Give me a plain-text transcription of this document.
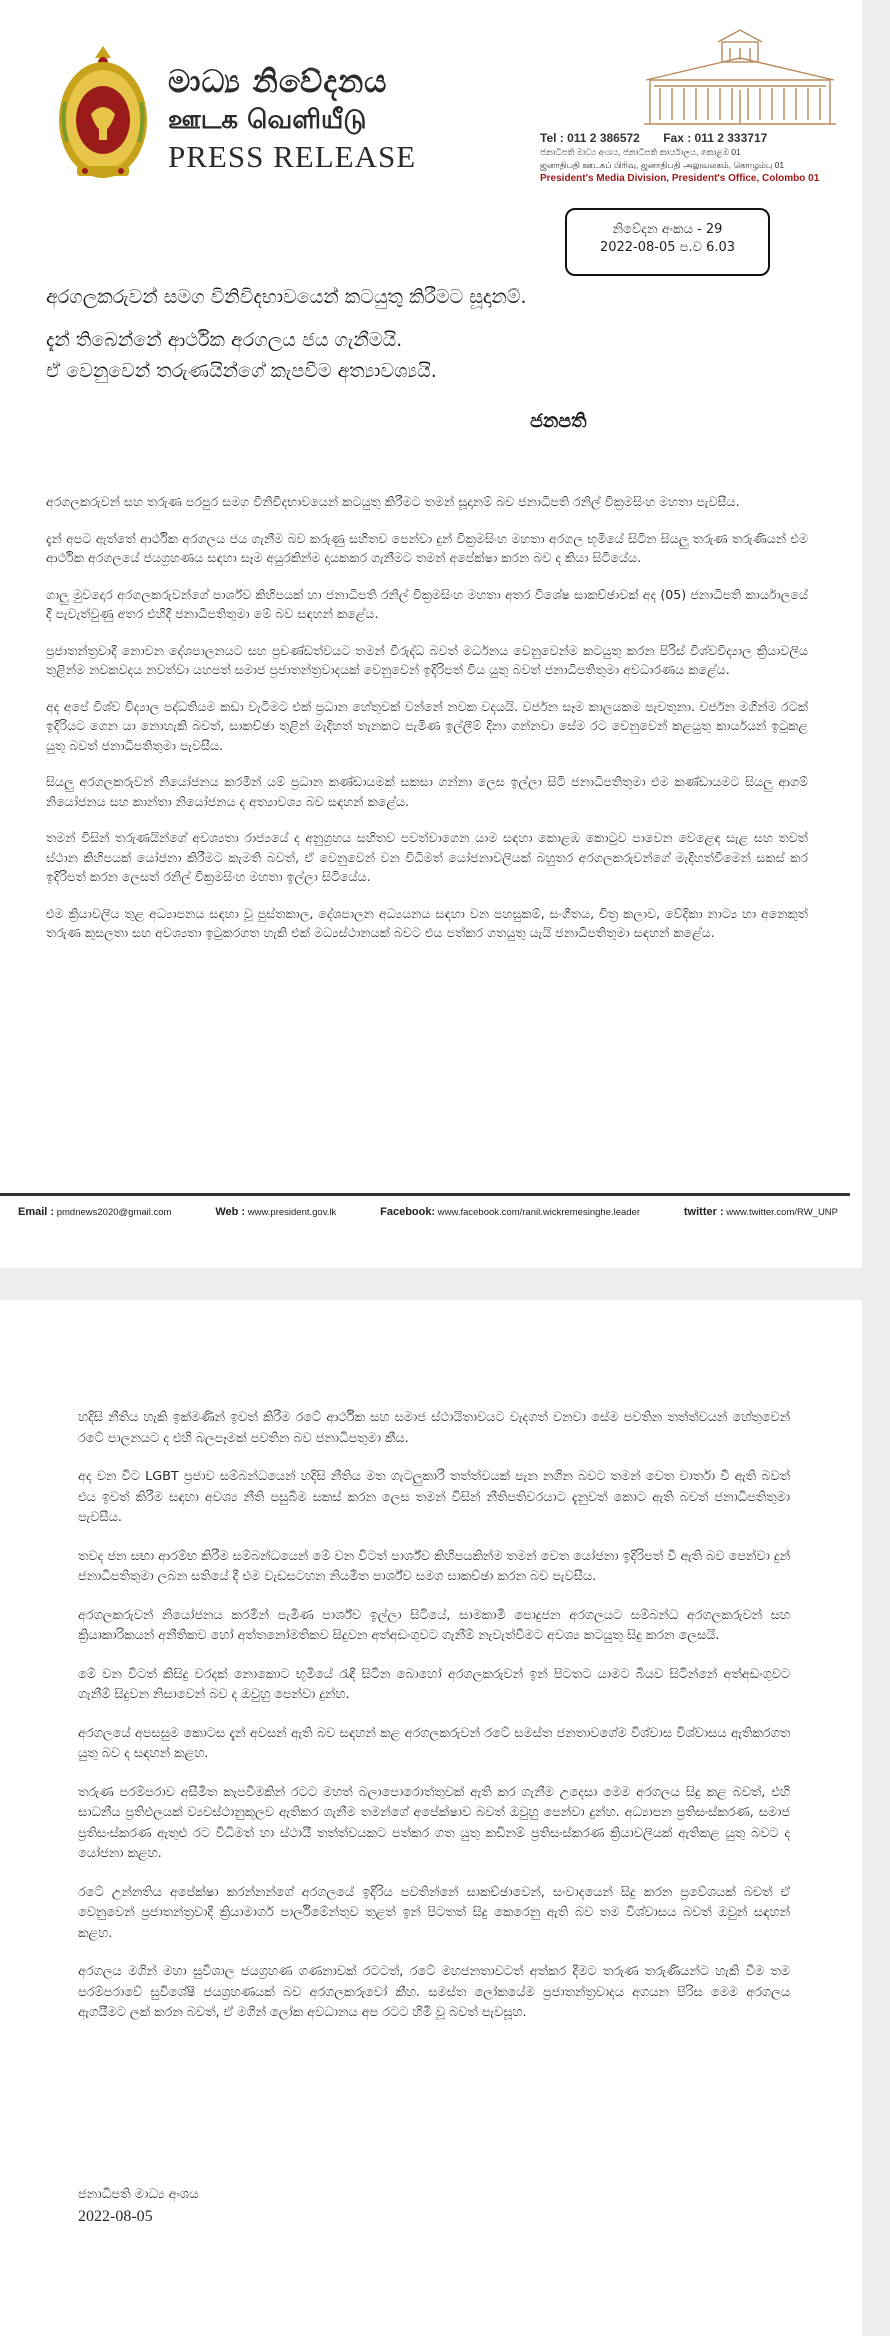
මාධ්‍ය නිවේදනය
ஊடக வெளியீடு
PRESS RELEASE
Tel : 011 2 386572 Fax : 011 2 333717
ජනාධිපති මාධ්‍ය අංශය, ජනාධිපති කාර්යාලය, කොළඹ 01
ஜனாதிபதி ஊடகப் பிரிவு, ஜனாதிபதி அலுவலகம், கொழும்பு 01
President's Media Division, President's Office, Colombo 01
නිවේදන අංකය - 29
2022-08-05 ප.ව 6.03
අරගලකරුවන් සමග විනිවිදභාවයෙන් කටයුතු කිරීමට සූදානම්.
දැන් තිබෙන්නේ ආර්ථික අරගලය ජය ගැනීමයි.
ඒ වෙනුවෙන් තරුණයින්ගේ කැපවීම අත්‍යාවශ්‍යයි.
ජනපති

අරගලකරුවන් සහ තරුණ පරපුර සමග විනිවිදභාවයෙන් කටයුතු කිරීමට තමන් සූදානම් බව ජනාධිපති රනිල් වික්‍රමසිංහ මහතා පැවසීය.

දැන් අපට ඇත්තේ ආර්ථික අරගලය ජය ගැනීම බව කරුණු සහිතව පෙන්වා දුන් වික්‍රමසිංහ මහතා අරගල භූමියේ සිටින සියලු තරුණ තරුණියන් එම ආර්ථික අරගලයේ ජයග්‍රහණය සඳහා සෑම අයුරකින්ම දායකකර ගැනීමට තමන් අපේක්ෂා කරන බව ද කියා සිටියේය.

ගාලු මුවදොර අරගලකරුවන්ගේ පාර්ශ්ව කිහිපයක් හා ජනාධිපති රනිල් වික්‍රමසිංහ මහතා අතර විශේෂ සාකච්ඡාවක් අද (05) ජනාධිපති කාර්යාලයේ දී පැවැත්වුණු අතර එහිදී ජනාධිපතිතුමා මේ බව සඳහන් කළේය.

ප්‍රජාතන්ත්‍රවාදී නොවන දේශපාලනයට සහ ප්‍රචණ්ඩත්වයට තමන් විරුද්ධ බවත් මර්ධනය වෙනුවෙන්ම කටයුතු කරන පිරිස් විශ්වවිද්‍යාල ක්‍රියාවලිය තුළින්ම නවකවදය නවත්වා යහපත් සමාජ ප්‍රජාතන්ත්‍රවාදයක් වෙනුවෙන් ඉදිරිපත් විය යුතු බවත් ජනාධිපතිතුමා අවධාරණය කළේය.

අද අපේ විශ්ව විද්‍යාල පද්ධතියම කඩා වැටීමට එක් ප්‍රධාන හේතුවක් වන්නේ නවක වදයයි. වර්ජන සෑම කාලයකම පැවතුනා. වර්ජන මගින්ම රටක් ඉදිරියට ගෙන යා නොහැකි බවත්, සාකච්ඡා තුළින් මැදිහත් තැනකට පැමිණ ඉල්ලීම් දිනා ගන්නවා සේම රට වෙනුවෙන් කළයුතු කාර්යයන් ඉටුකළ යුතු බවත් ජනාධිපතිතුමා පැවසීය.

සියලු අරගලකරුවන් නියෝජනය කරමින් යම් ප්‍රධාන කණ්ඩායමක් සකසා ගන්නා ලෙස ඉල්ලා සිටි ජනාධිපතිතුමා එම කණ්ඩායමට සියලු ආගම් නියෝජනය සහ කාන්තා නියෝජනය ද අත්‍යාවශ්‍ය බව සඳහන් කළේය.

තමන් විසින් තරුණයින්ගේ අවශ්‍යතා රාජ්‍යයේ ද අනුග්‍රහය සහිතව පවත්වාගෙන යාම සඳහා කොළඹ කොටුව පාවෙන වෙළෙඳ සැළ සහ තවත් ස්ථාන කිහිපයක් යෝජනා කිරීමට කැමති බවත්, ඒ වෙනුවෙන් වන විධිමත් යෝජනාවලියක් බහුතර අරගලකරුවන්ගේ මැදිහත්වීමෙන් සකස් කර ඉදිරිපත් කරන ලෙසත් රනිල් වික්‍රමසිංහ මහතා ඉල්ලා සිටියේය.

එම ක්‍රියාවලිය තුළ අධ්‍යාපනය සඳහා වූ පුස්තකාල, දේශපාලන අධ්‍යයනය සඳහා වන පහසුකම්, සංගීතය, චිත්‍ර කලාව, වේදිකා නාට්‍ය හා අනෙකුත් තරුණ කුසලතා සහ අවශ්‍යතා ඉටුකරගත හැකි එක් මධ්‍යස්ථානයක් බවට එය පත්කර ගතයුතු යැයි ජනාධිපතිතුමා සඳහන් කළේය.

Email : pmdnews2020@gmail.com	Web : www.president.gov.lk	Facebook: www.facebook.com/ranil.wickremesinghe.leader	twitter : www.twitter.com/RW_UNP

හදිසි නීතිය හැකි ඉක්මණින් ඉවත් කිරීම රටේ ආර්ථික සහ සමාජ ස්ථායිතාවයට වැදගත් වනවා සේම පවතින තත්ත්වයන් හේතුවෙන් රටේ පාලනයට ද එහි බලපෑමක් පවතින බව ජනාධිපතුමා කීය.

අද වන විට LGBT ප්‍රජාව සම්බන්ධයෙන් හදිසි නීතිය මත ගැටලුකාරී තත්ත්වයක් පැන නගින බවට තමන් වෙත වාර්තා වී ඇති බවත් එය ඉවත් කිරීම සඳහා අවශ්‍ය නීති පසුබිම සකස් කරන ලෙස තමන් විසින් නීතිපතිවරයාට දැනුවත් කොට ඇති බවත් ජනාධිපතිතුමා පැවසීය.

තවද ජන සභා ආරම්භ කිරීම සම්බන්ධයෙන් මේ වන විටත් පාර්ශ්ව කිහිපයකින්ම තමන් වෙත යෝජනා ඉදිරිපත් වී ඇති බව පෙන්වා දුන් ජනාධිපතිතුමා ලබන සතියේ දී එම වැඩසටහන නියමිත පාර්ශ්ව සමග සාකච්ඡා කරන බව පැවසීය.

අරගලකරුවන් නියෝජනය කරමින් පැමිණ පාර්ශ්ව ඉල්ලා සිටියේ, සාමකාමී පොදුජන අරගලයට සම්බන්ධ අරගලකරුවන් සහ ක්‍රියාකාරිකයන් අනීතිකව හෝ අත්තනෝමතිකව සිදුවන අත්අඩංගුවට ගැනීම් නැවැත්වීමට අවශ්‍ය කටයුතු සිදු කරන ලෙසයි.

මේ වන විටත් කිසිදු වරදක් නොකොට භූමියේ රැඳී සිටින බොහෝ අරගලකරුවන් ඉන් පිටතට යාමට බියව සිටින්නේ අත්අඩංගුවට ගැනීම් සිදුවන නිසාවෙන් බව ද ඔවුහු පෙන්වා දුන්හ.

අරගලයේ අපසසුම කොටස දැන් අවසන් ඇති බව සඳහන් කළ අරගලකරුවන් රටේ සමස්ත ජනතාවගේම විශ්වාස විශ්වාසය ඇතිකරගත යුතු බව ද සඳහන් කළහ.

තරුණ පරම්පරාව අසීමිත කැපවීමකින් රටට මහත් බලාපොරොත්තුවක් ඇති කර ගැනීම උදෙසා මෙම අරගලය සිදු කළ බවත්, එහි සාධනීය ප්‍රතිඵලයක් ව්‍යවස්ථානුකූලව ඇතිකර ගැනීම තමන්ගේ අපේක්ෂාව බවත් ඔවුහු පෙන්වා දුන්හ. අධ්‍යාපන ප්‍රතිසංස්කරණ, සමාජ ප්‍රතිසංස්කරණ ඇතුළු රට විධිමත් හා ස්ථායී තත්ත්වයකට පත්කර ගත යුතු කඩිනම් ප්‍රතිසංස්කරණ ක්‍රියාවලියක් ඇතිකළ යුතු බවට ද යෝජනා කළහ.

රටේ උන්නතිය අපේක්ෂා කරන්නන්ගේ අරගලයේ ඉදිරිය පවතින්නේ සාකච්ඡාවෙන්, සංවාදයෙන් සිදු කරන ප්‍රවේශයක් බවත් ඒ වෙනුවෙන් ප්‍රජාතන්ත්‍රවාදී ක්‍රියාමාර්ග පාර්ලිමේන්තුව තුළත් ඉන් පිටතත් සිදු කෙරෙනු ඇති බව තම විශ්වාසය බවත් ඔවුන් සඳහන් කළහ.

අරගලය මගින් මහා සුවිශාල ජයග්‍රහණ ගණනාවක් රටටත්, රටේ මහජනතාවටත් අත්කර දීමට තරුණ තරුණියන්ට හැකි වීම තම පරම්පරාවේ සුවිශේෂී ජයග්‍රහණයක් බව අරගලකරුවෝ කීහ. සමස්ත ලෝකයේම ප්‍රජාතන්ත්‍රවාදය අගයන පිරිස මෙම අරගලය ඇගයීමට ලක් කරන බවත්, ඒ මගින් ලෝක අවධානය අප රටට හිමි වූ බවත් පැවසූහ.

ජනාධිපති මාධ්‍ය අංශය
2022-08-05
